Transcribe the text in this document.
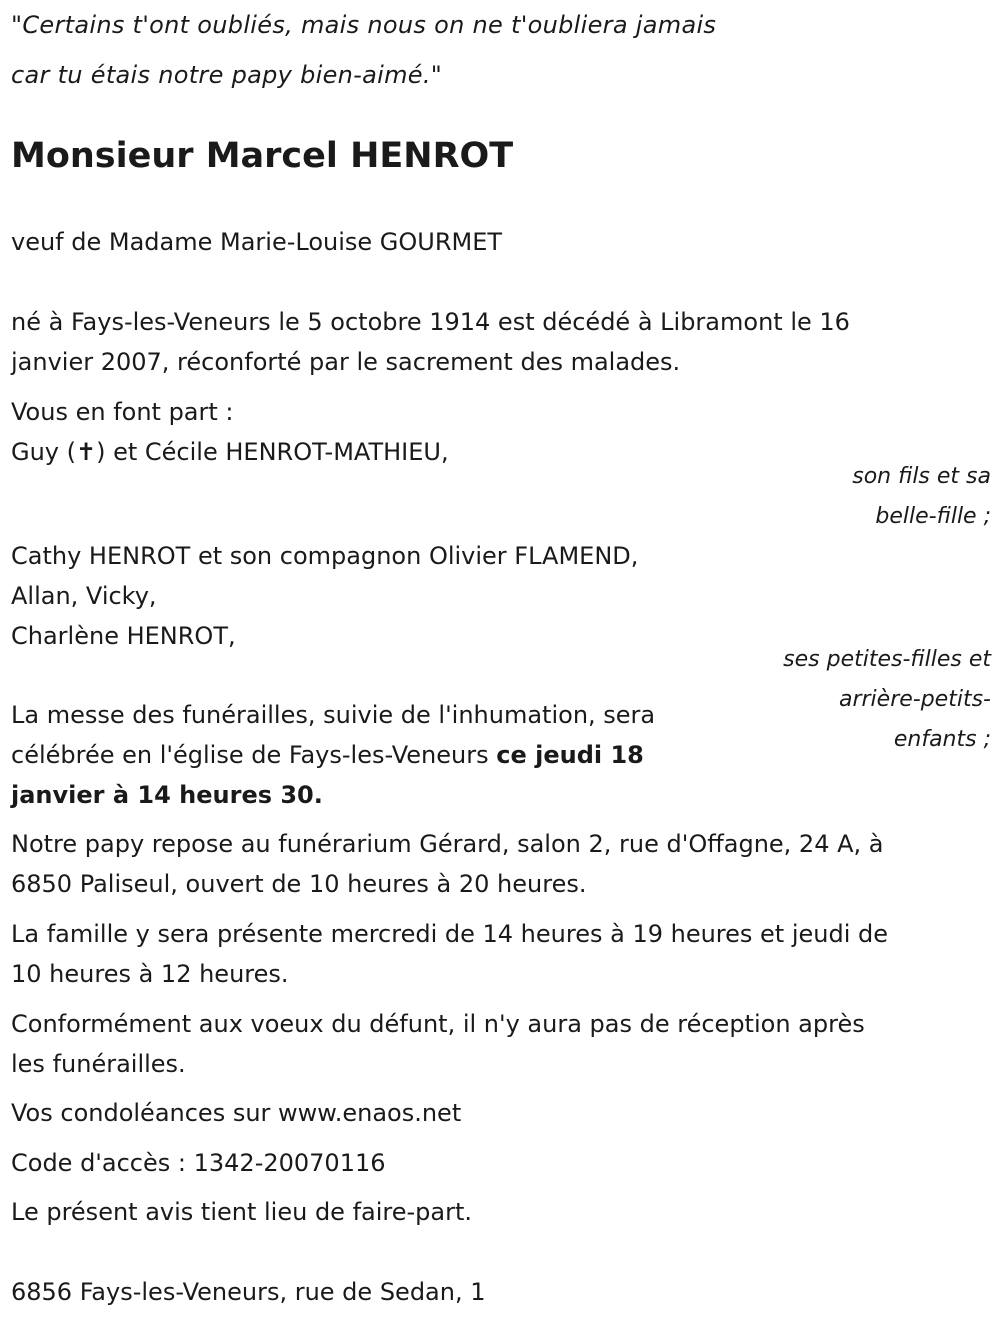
"Certains t'ont oubliés, mais nous on ne t'oubliera jamais
car tu étais notre papy bien-aimé."
Monsieur Marcel HENROT
veuf de Madame Marie-Louise GOURMET
né à Fays-les-Veneurs le 5 octobre 1914 est décédé à Libramont le 16
janvier 2007, réconforté par le sacrement des malades.
Vous en font part :
Guy (✝) et Cécile HENROT-MATHIEU,
son fils et sa
belle-fille ;
Cathy HENROT et son compagnon Olivier FLAMEND,
Allan, Vicky,
Charlène HENROT,
ses petites-filles et
arrière-petits-
enfants ;
La messe des funérailles, suivie de l'inhumation, sera
célébrée en l'église de Fays-les-Veneurs ce jeudi 18
janvier à 14 heures 30.
Notre papy repose au funérarium Gérard, salon 2, rue d'Offagne, 24 A, à
6850 Paliseul, ouvert de 10 heures à 20 heures.
La famille y sera présente mercredi de 14 heures à 19 heures et jeudi de
10 heures à 12 heures.
Conformément aux voeux du défunt, il n'y aura pas de réception après
les funérailles.
Vos condoléances sur www.enaos.net
Code d'accès : 1342-20070116
Le présent avis tient lieu de faire-part.
6856 Fays-les-Veneurs, rue de Sedan, 1
